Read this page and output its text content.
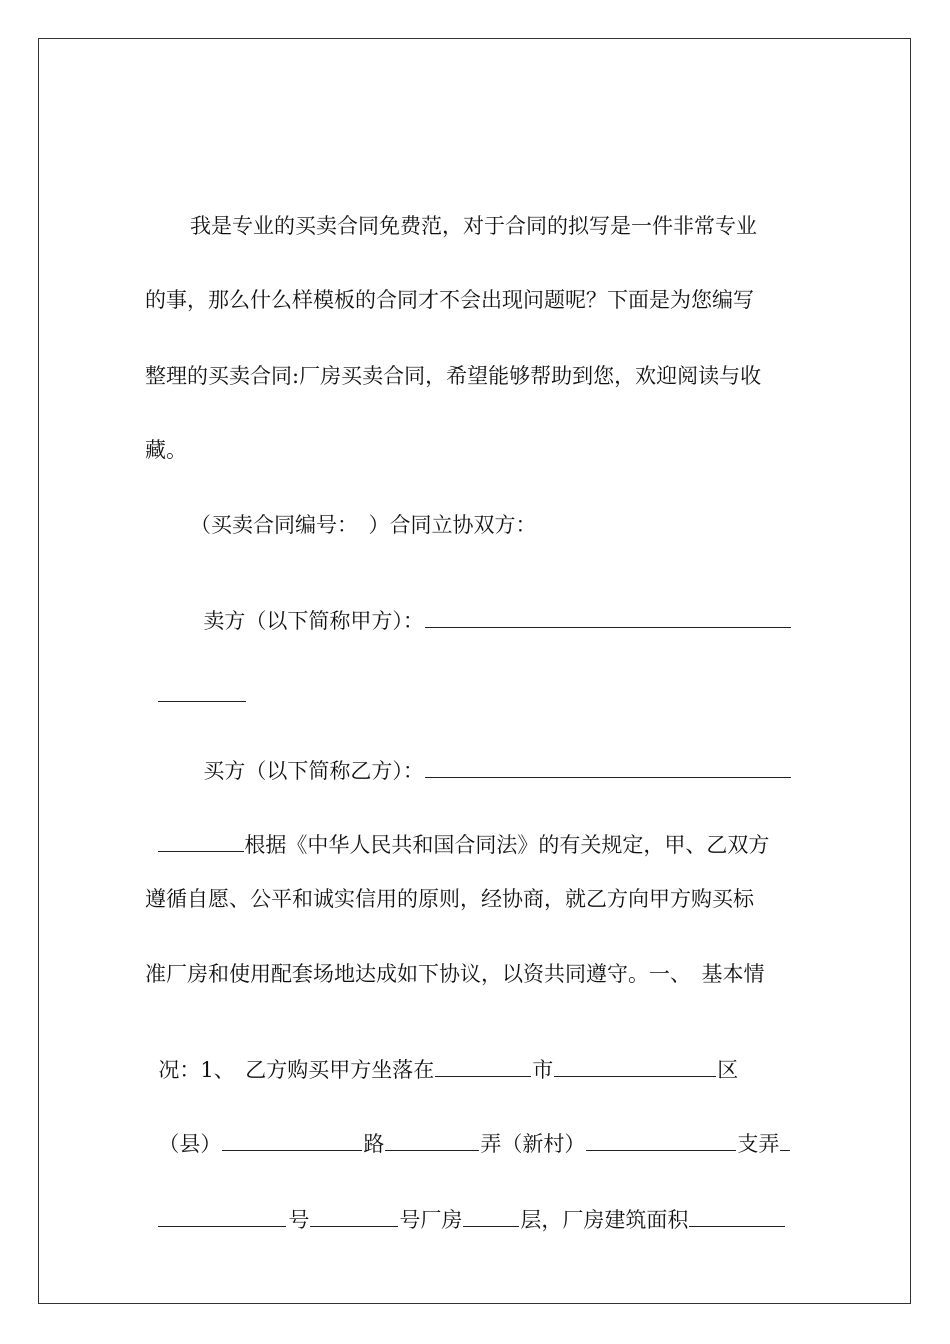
我是专业的买卖合同免费范，对于合同的拟写是一件非常专业
的事，那么什么样模板的合同才不会出现问题呢？下面是为您编写
整理的买卖合同:厂房买卖合同，希望能够帮助到您，欢迎阅读与收
藏。
（买卖合同编号：　）合同立协双方：

卖方（以下简称甲方）：

买方（以下简称乙方）：

根据《中华人民共和国合同法》的有关规定，甲、乙双方

遵循自愿、公平和诚实信用的原则，经协商，就乙方向甲方购买标
准厂房和使用配套场地达成如下协议，以资共同遵守。一、　基本情

况：1、　乙方购买甲方坐落在	市	区

（县）	路	弄（新村）	支弄

号	号厂房	层，厂房建筑面积
